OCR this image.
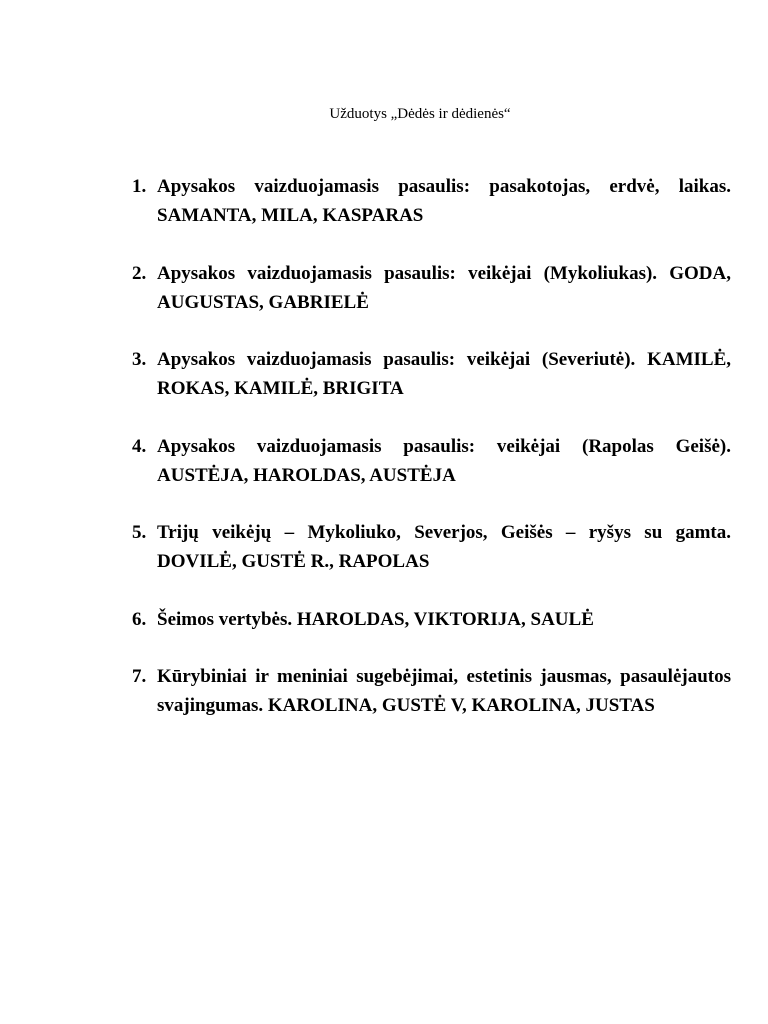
Užduotys „Dėdės ir dėdienės“
1. Apysakos vaizduojamasis pasaulis: pasakotojas, erdvė, laikas. SAMANTA, MILA, KASPARAS
2. Apysakos vaizduojamasis pasaulis: veikėjai (Mykoliukas). GODA, AUGUSTAS, GABRIELĖ
3. Apysakos vaizduojamasis pasaulis: veikėjai (Severiutė). KAMILĖ, ROKAS, KAMILĖ, BRIGITA
4. Apysakos vaizduojamasis pasaulis: veikėjai (Rapolas Geišė). AUSTĖJA, HAROLDAS, AUSTĖJA
5. Trijų veikėjų – Mykoliuko, Severjos, Geišės – ryšys su gamta. DOVILĖ, GUSTĖ R., RAPOLAS
6. Šeimos vertybės. HAROLDAS, VIKTORIJA, SAULĖ
7. Kūrybiniai ir meniniai sugebėjimai, estetinis jausmas, pasaulėjautos svajingumas. KAROLINA, GUSTĖ V, KAROLINA, JUSTAS
